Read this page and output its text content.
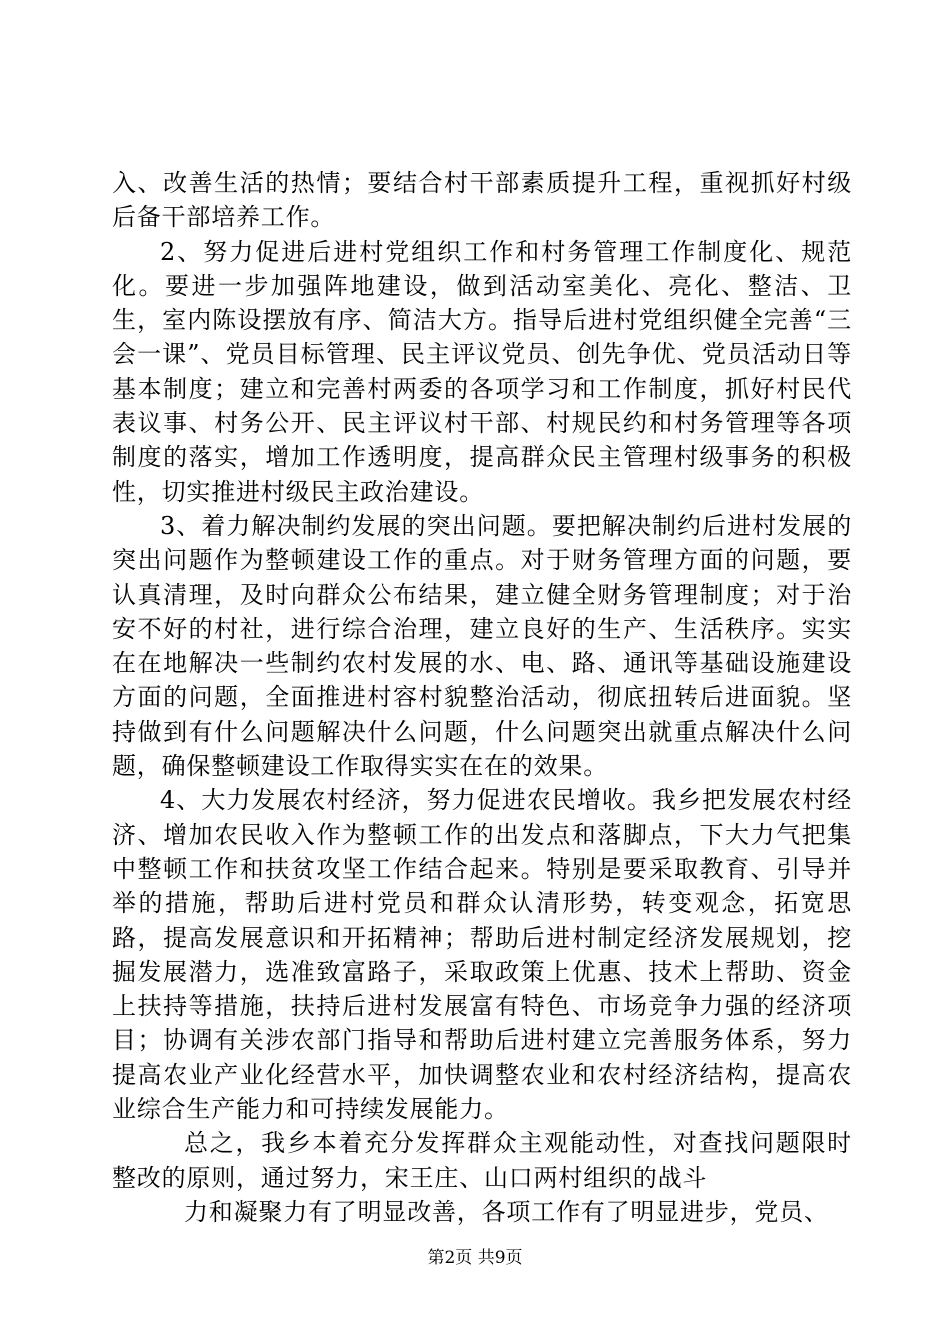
入、改善生活的热情；要结合村干部素质提升工程，重视抓好村级后备干部培养工作。

2、努力促进后进村党组织工作和村务管理工作制度化、规范化。要进一步加强阵地建设，做到活动室美化、亮化、整洁、卫生，室内陈设摆放有序、简洁大方。指导后进村党组织健全完善“三会一课”、党员目标管理、民主评议党员、创先争优、党员活动日等基本制度；建立和完善村两委的各项学习和工作制度，抓好村民代表议事、村务公开、民主评议村干部、村规民约和村务管理等各项制度的落实，增加工作透明度，提高群众民主管理村级事务的积极性，切实推进村级民主政治建设。

3、着力解决制约发展的突出问题。要把解决制约后进村发展的突出问题作为整顿建设工作的重点。对于财务管理方面的问题，要认真清理，及时向群众公布结果，建立健全财务管理制度；对于治安不好的村社，进行综合治理，建立良好的生产、生活秩序。实实在在地解决一些制约农村发展的水、电、路、通讯等基础设施建设方面的问题，全面推进村容村貌整治活动，彻底扭转后进面貌。坚持做到有什么问题解决什么问题，什么问题突出就重点解决什么问题，确保整顿建设工作取得实实在在的效果。

4、大力发展农村经济，努力促进农民增收。我乡把发展农村经济、增加农民收入作为整顿工作的出发点和落脚点，下大力气把集中整顿工作和扶贫攻坚工作结合起来。特别是要采取教育、引导并举的措施，帮助后进村党员和群众认清形势，转变观念，拓宽思路，提高发展意识和开拓精神；帮助后进村制定经济发展规划，挖掘发展潜力，选准致富路子，采取政策上优惠、技术上帮助、资金上扶持等措施，扶持后进村发展富有特色、市场竞争力强的经济项目；协调有关涉农部门指导和帮助后进村建立完善服务体系，努力提高农业产业化经营水平，加快调整农业和农村经济结构，提高农业综合生产能力和可持续发展能力。

总之，我乡本着充分发挥群众主观能动性，对查找问题限时整改的原则，通过努力，宋王庄、山口两村组织的战斗

力和凝聚力有了明显改善，各项工作有了明显进步，党员、

第2页 共9页
